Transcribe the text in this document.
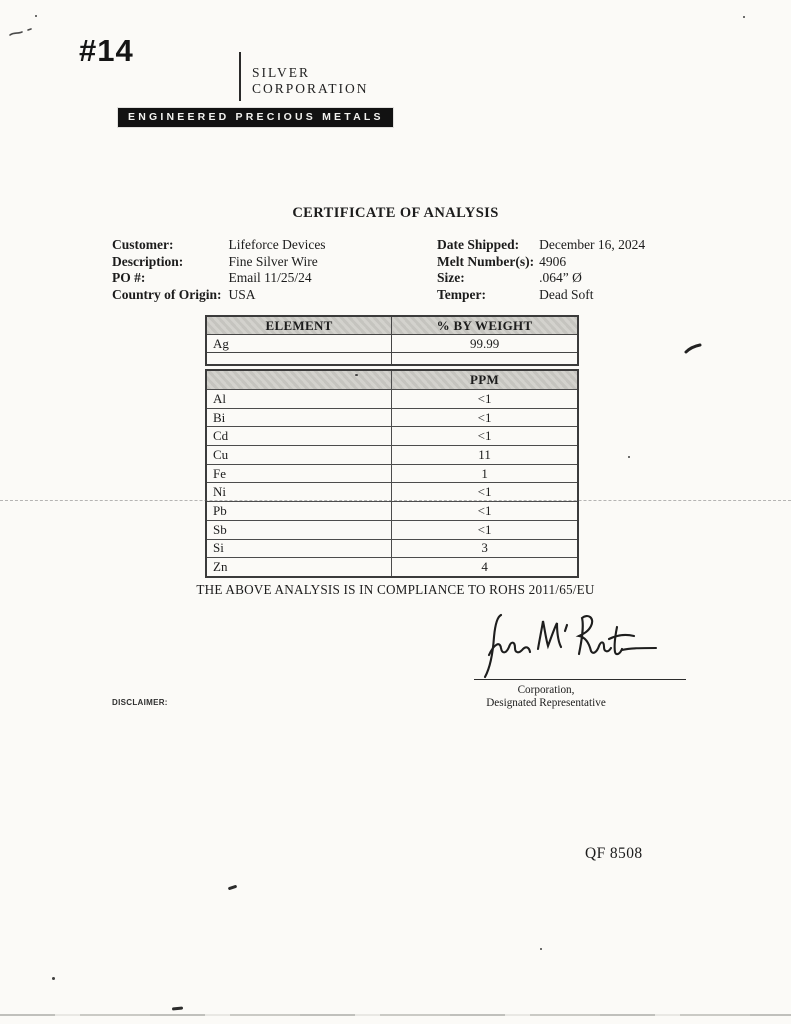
#14
SILVER
CORPORATION
ENGINEERED PRECIOUS METALS
CERTIFICATE OF ANALYSIS
Customer:	Lifeforce Devices
Description:	Fine Silver Wire
PO #:	Email 11/25/24
Country of Origin: USA
Date Shipped:	December 16, 2024
Melt Number(s): 4906
Size:	.064” Ø
Temper:	Dead Soft
ELEMENT	% BY WEIGHT
Ag	99.99

	PPM
Al	<1
Bi	<1
Cd	<1
Cu	11
Fe	1
Ni	<1
Pb	<1
Sb	<1
Si	3
Zn	4
THE ABOVE ANALYSIS IS IN COMPLIANCE TO ROHS 2011/65/EU
Corporation,
Designated Representative
DISCLAIMER:
QF 8508
